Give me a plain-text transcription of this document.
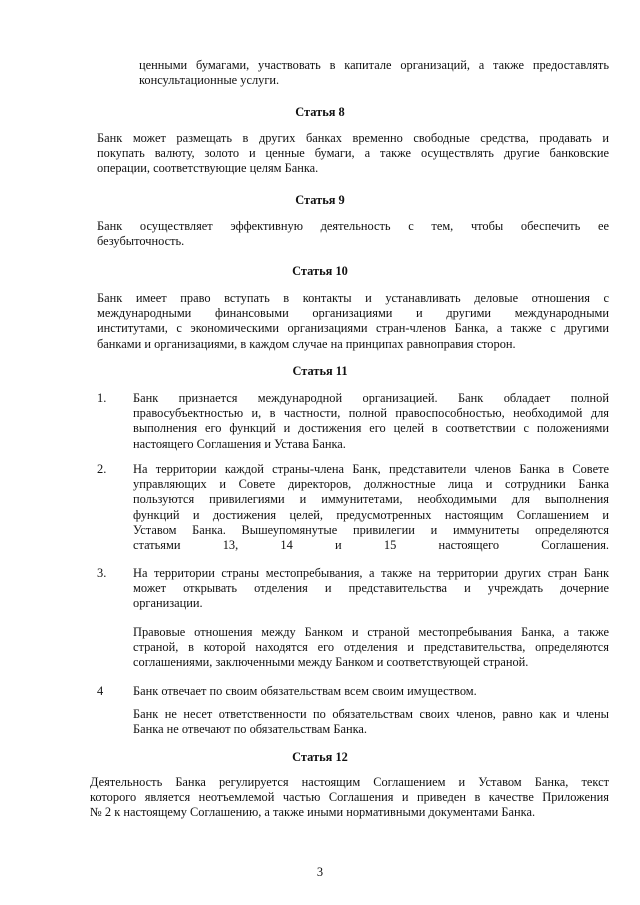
ценными бумагами, участвовать в капитале организаций, а также предоставлять
консультационные услуги.
Статья 8
Банк может размещать в других банках временно свободные средства, продавать и
покупать валюту, золото и ценные бумаги, а также осуществлять другие банковские
операции, соответствующие целям Банка.
Статья 9
Банк осуществляет эффективную деятельность с тем, чтобы обеспечить ее
безубыточность.
Статья 10
Банк имеет право вступать в контакты и устанавливать деловые отношения с
международными финансовыми организациями и другими международными
институтами, с экономическими организациями стран-членов Банка, а также с другими
банками и организациями, в каждом случае на принципах равноправия сторон.
Статья 11
1. Банк признается международной организацией. Банк обладает полной
правосубъектностью и, в частности, полной правоспособностью, необходимой для
выполнения его функций и достижения его целей в соответствии с положениями
настоящего Соглашения и Устава Банка.
2. На территории каждой страны-члена Банк, представители членов Банка в Совете
управляющих и Совете директоров, должностные лица и сотрудники Банка
пользуются привилегиями и иммунитетами, необходимыми для выполнения
функций и достижения целей, предусмотренных настоящим Соглашением и
Уставом Банка. Вышеупомянутые привилегии и иммунитеты определяются
статьями 13, 14 и 15 настоящего Соглашения.
3. На территории страны местопребывания, а также на территории других стран Банк
может открывать отделения и представительства и учреждать дочерние
организации.
Правовые отношения между Банком и страной местопребывания Банка, а также
страной, в которой находятся его отделения и представительства, определяются
соглашениями, заключенными между Банком и соответствующей страной.
4 Банк отвечает по своим обязательствам всем своим имуществом.
Банк не несет ответственности по обязательствам своих членов, равно как и члены
Банка не отвечают по обязательствам Банка.
Статья 12
Деятельность Банка регулируется настоящим Соглашением и Уставом Банка, текст
которого является неотъемлемой частью Соглашения и приведен в качестве Приложения
№ 2 к настоящему Соглашению, а также иными нормативными документами Банка.
3
